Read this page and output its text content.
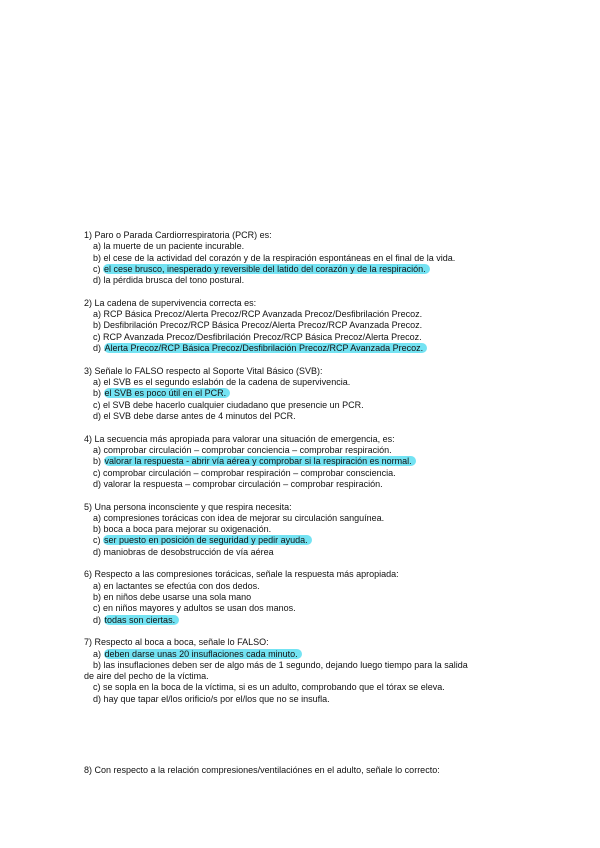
1) Paro o Parada Cardiorrespiratoria (PCR) es:
a) la muerte de un paciente incurable.
b) el cese de la actividad del corazón y de la respiración espontáneas en el final de la vida.
c) el cese brusco, inesperado y reversible del latido del corazón y de la respiración.
d) la pérdida brusca del tono postural.
2) La cadena de supervivencia correcta es:
a) RCP Básica Precoz/Alerta Precoz/RCP Avanzada Precoz/Desfibrilación Precoz.
b) Desfibrilación Precoz/RCP Básica Precoz/Alerta Precoz/RCP Avanzada Precoz.
c) RCP Avanzada Precoz/Desfibrilación Precoz/RCP Básica Precoz/Alerta Precoz.
d) Alerta Precoz/RCP Básica Precoz/Desfibrilación Precoz/RCP Avanzada Precoz.
3) Señale lo FALSO respecto al Soporte Vital Básico (SVB):
a) el SVB es el segundo eslabón de la cadena de supervivencia.
b) el SVB es poco útil en el PCR.
c) el SVB debe hacerlo cualquier ciudadano que presencie un PCR.
d) el SVB debe darse antes de 4 minutos del PCR.
4) La secuencia más apropiada para valorar una situación de emergencia, es:
a) comprobar circulación – comprobar conciencia – comprobar respiración.
b) valorar la respuesta - abrir vía aérea y comprobar si la respiración es normal.
c) comprobar circulación – comprobar respiración – comprobar consciencia.
d) valorar la respuesta – comprobar circulación – comprobar respiración.
5) Una persona inconsciente y que respira necesita:
a) compresiones torácicas con idea de mejorar su circulación sanguínea.
b) boca a boca para mejorar su oxigenación.
c) ser puesto en posición de seguridad y pedir ayuda.
d) maniobras de desobstrucción de vía aérea
6) Respecto a las compresiones torácicas, señale la respuesta más apropiada:
a) en lactantes se efectúa con dos dedos.
b) en niños debe usarse una sola mano
c) en niños mayores y adultos se usan dos manos.
d) todas son ciertas.
7) Respecto al boca a boca, señale lo FALSO:
a) deben darse unas 20 insuflaciones cada minuto.
b) las insuflaciones deben ser de algo más de 1 segundo, dejando luego tiempo para la salida
de aire del pecho de la víctima.
c) se sopla en la boca de la víctima, si es un adulto, comprobando que el tórax se eleva.
d) hay que tapar el/los orificio/s por el/los que no se insufla.
8) Con respecto a la relación compresiones/ventilaciónes en el adulto, señale lo correcto:
